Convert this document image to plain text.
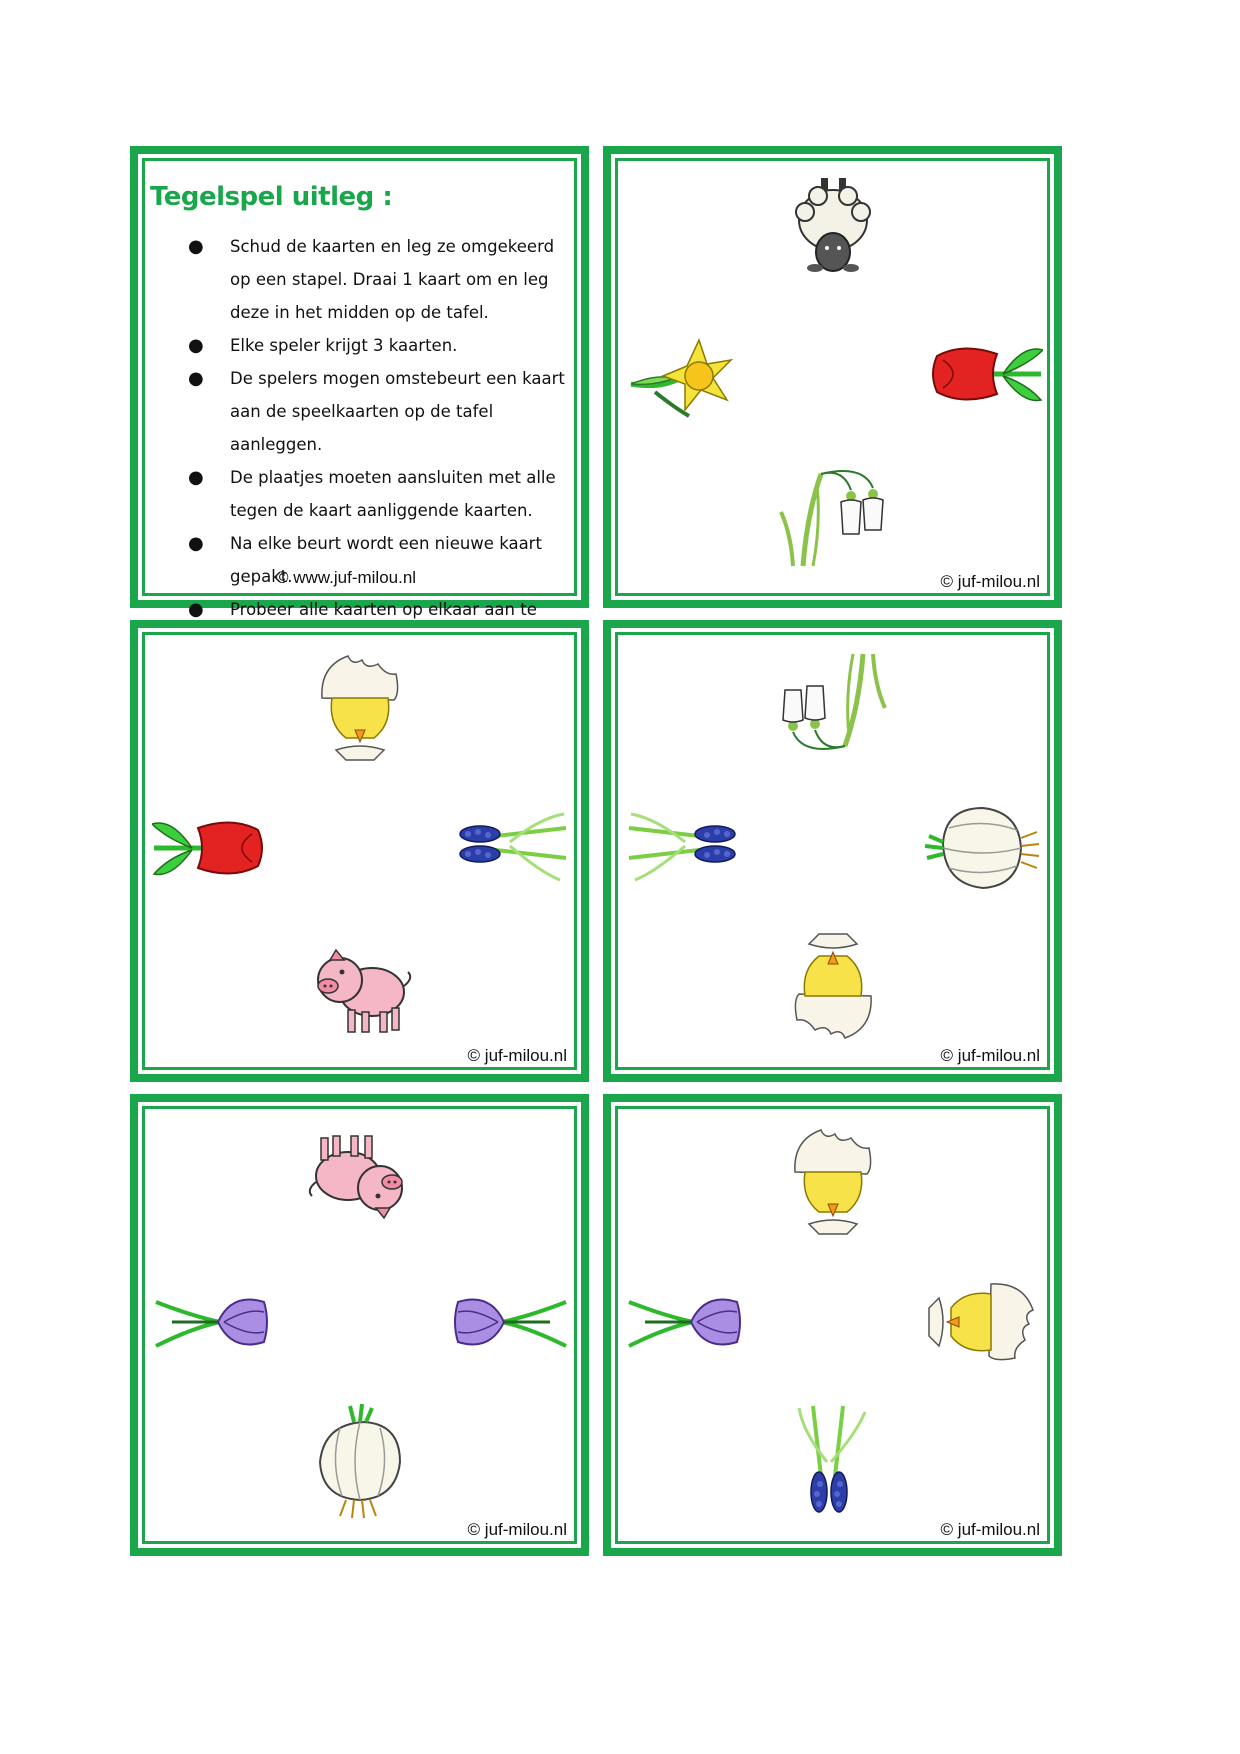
Tegelspel uitleg :
● Schud de kaarten en leg ze omgekeerd op een stapel. Draai 1 kaart om en leg deze in het midden op de tafel.
● Elke speler krijgt 3 kaarten.
● De spelers mogen omstebeurt een kaart aan de speelkaarten op de tafel aanleggen.
● De plaatjes moeten aansluiten met alle tegen de kaart aanliggende kaarten.
● Na elke beurt wordt een nieuwe kaart gepakt.
● Probeer alle kaarten op elkaar aan te
© www.juf-milou.nl	© juf-milou.nl
© juf-milou.nl	© juf-milou.nl
© juf-milou.nl	© juf-milou.nl
